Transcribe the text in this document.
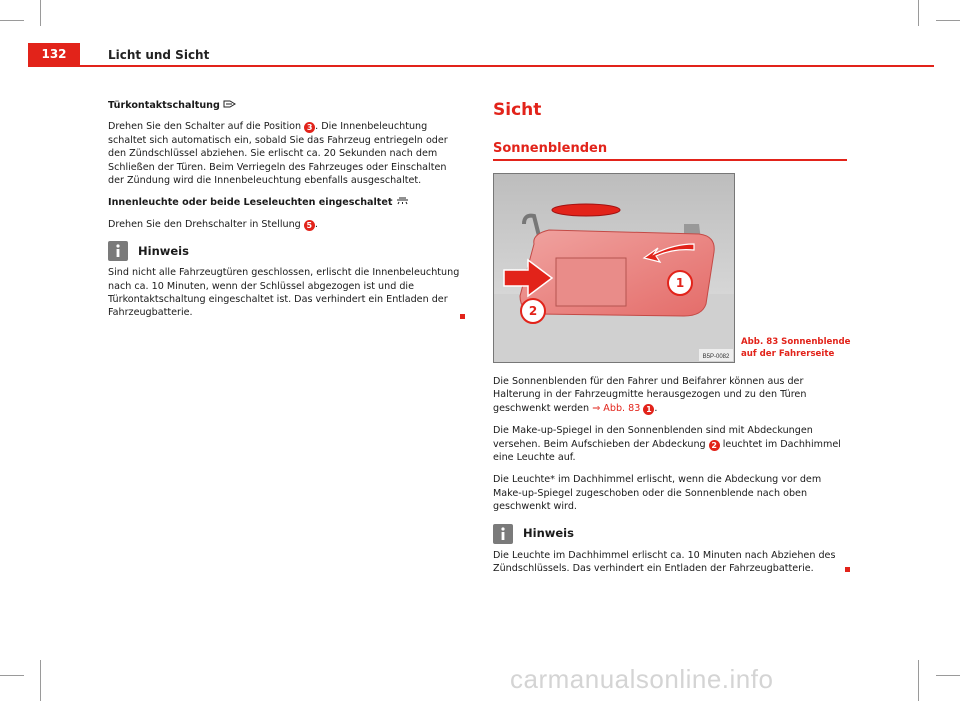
132	Licht und Sicht

Türkontaktschaltung

Drehen Sie den Schalter auf die Position 3 . Die Innenbeleuchtung schaltet sich automatisch ein, sobald Sie das Fahrzeug entriegeln oder den Zündschlüssel abziehen. Sie erlischt ca. 20 Sekunden nach dem Schließen der Türen. Beim Verriegeln des Fahrzeuges oder Einschalten der Zündung wird die Innenbeleuchtung ebenfalls ausgeschaltet.

Innenleuchte oder beide Leseleuchten eingeschaltet

Drehen Sie den Drehschalter in Stellung 5 .

Hinweis

Sind nicht alle Fahrzeugtüren geschlossen, erlischt die Innenbeleuchtung nach ca. 10 Minuten, wenn der Schlüssel abgezogen ist und die Türkontaktschaltung eingeschaltet ist. Das verhindert ein Entladen der Fahrzeugbatterie.

Sicht

Sonnenblenden

B5P-0082
1
2
Abb. 83 Sonnenblende
auf der Fahrerseite

Die Sonnenblenden für den Fahrer und Beifahrer können aus der Halterung in der Fahrzeugmitte herausgezogen und zu den Türen geschwenkt werden ⇒ Abb. 83 1 .

Die Make-up-Spiegel in den Sonnenblenden sind mit Abdeckungen versehen. Beim Aufschieben der Abdeckung 2 leuchtet im Dachhimmel eine Leuchte auf.

Die Leuchte* im Dachhimmel erlischt, wenn die Abdeckung vor dem Make-up-Spiegel zugeschoben oder die Sonnenblende nach oben geschwenkt wird.

Hinweis

Die Leuchte im Dachhimmel erlischt ca. 10 Minuten nach Abziehen des Zündschlüssels. Das verhindert ein Entladen der Fahrzeugbatterie.

carmanualsonline.info
